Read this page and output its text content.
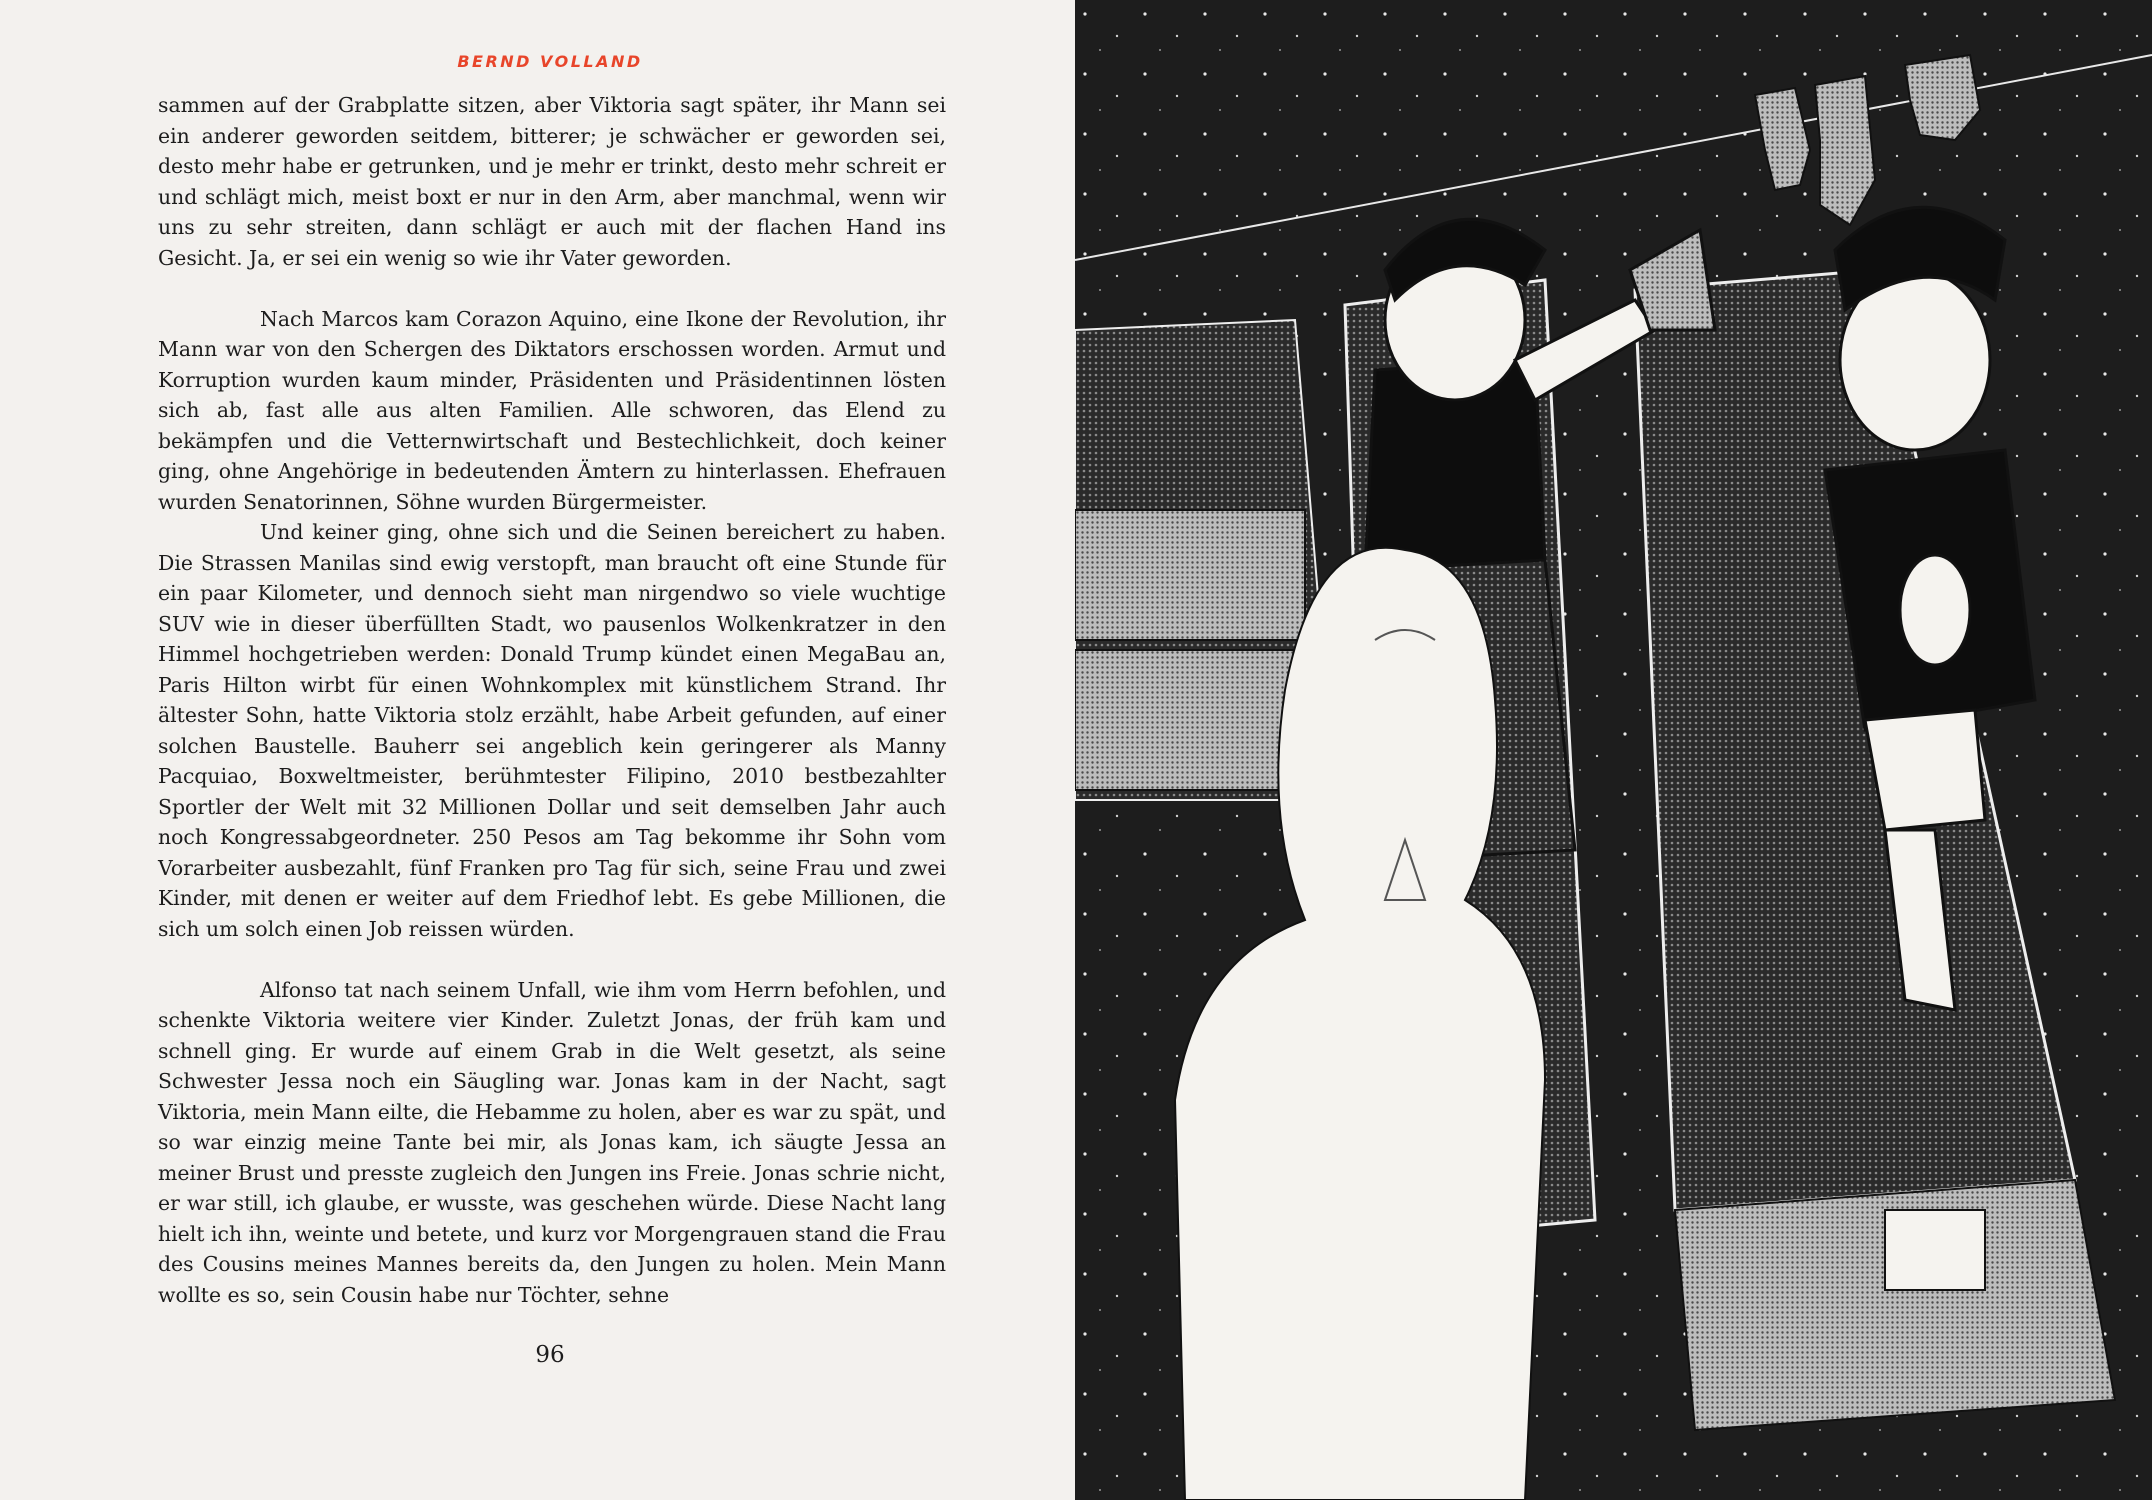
BERND VOLLAND

sammen auf der Grabplatte sitzen, aber Viktoria sagt später, ihr Mann sei ein anderer geworden seitdem, bitterer; je schwächer er geworden sei, desto mehr habe er getrunken, und je mehr er trinkt, desto mehr schreit er und schlägt mich, meist boxt er nur in den Arm, aber manchmal, wenn wir uns zu sehr streiten, dann schlägt er auch mit der flachen Hand ins Gesicht. Ja, er sei ein wenig so wie ihr Vater geworden.

Nach Marcos kam Corazon Aquino, eine Ikone der Revolution, ihr Mann war von den Schergen des Diktators erschossen worden. Armut und Korruption wurden kaum minder, Präsidenten und Präsidentinnen lösten sich ab, fast alle aus alten Familien. Alle schworen, das Elend zu bekämpfen und die Vetternwirtschaft und Bestechlichkeit, doch keiner ging, ohne Angehörige in bedeutenden Ämtern zu hinterlassen. Ehefrauen wurden Senatorinnen, Söhne wurden Bürgermeister.

Und keiner ging, ohne sich und die Seinen bereichert zu haben. Die Strassen Manilas sind ewig verstopft, man braucht oft eine Stunde für ein paar Kilometer, und dennoch sieht man nirgendwo so viele wuchtige SUV wie in dieser überfüllten Stadt, wo pausenlos Wolkenkratzer in den Himmel hochgetrieben werden: Donald Trump kündet einen MegaBau an, Paris Hilton wirbt für einen Wohnkomplex mit künstlichem Strand. Ihr ältester Sohn, hatte Viktoria stolz erzählt, habe Arbeit gefunden, auf einer solchen Baustelle. Bauherr sei angeblich kein geringerer als Manny Pacquiao, Boxweltmeister, berühmtester Filipino, 2010 bestbezahlter Sportler der Welt mit 32 Millionen Dollar und seit demselben Jahr auch noch Kongressabgeordneter. 250 Pesos am Tag bekomme ihr Sohn vom Vorarbeiter ausbezahlt, fünf Franken pro Tag für sich, seine Frau und zwei Kinder, mit denen er weiter auf dem Friedhof lebt. Es gebe Millionen, die sich um solch einen Job reissen würden.

Alfonso tat nach seinem Unfall, wie ihm vom Herrn befohlen, und schenkte Viktoria weitere vier Kinder. Zuletzt Jonas, der früh kam und schnell ging. Er wurde auf einem Grab in die Welt gesetzt, als seine Schwester Jessa noch ein Säugling war. Jonas kam in der Nacht, sagt Viktoria, mein Mann eilte, die Hebamme zu holen, aber es war zu spät, und so war einzig meine Tante bei mir, als Jonas kam, ich säugte Jessa an meiner Brust und presste zugleich den Jungen ins Freie. Jonas schrie nicht, er war still, ich glaube, er wusste, was geschehen würde. Diese Nacht lang hielt ich ihn, weinte und betete, und kurz vor Morgengrauen stand die Frau des Cousins meines Mannes bereits da, den Jungen zu holen. Mein Mann wollte es so, sein Cousin habe nur Töchter, sehne

96
